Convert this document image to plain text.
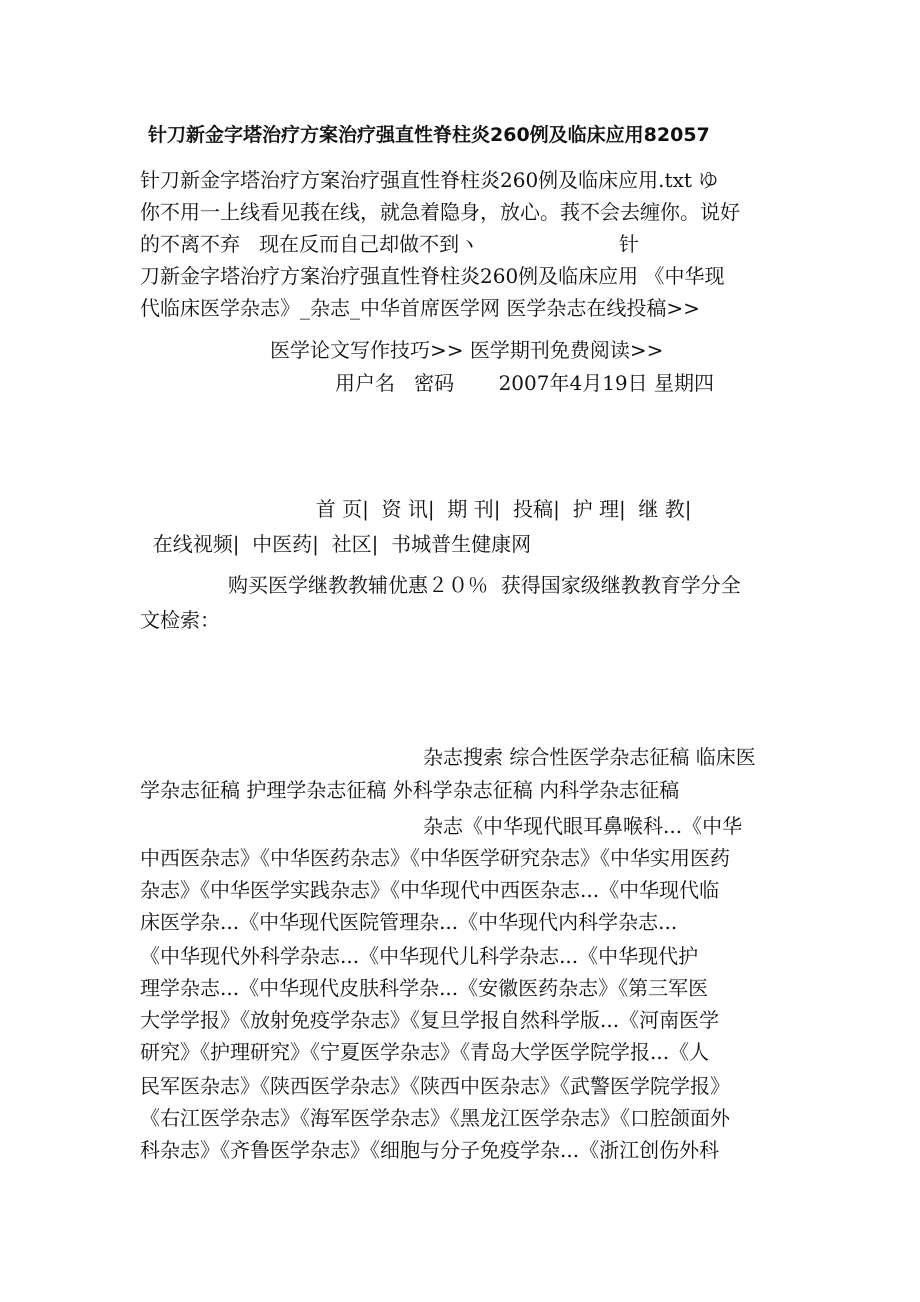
针刀新金字塔治疗方案治疗强直性脊柱炎260例及临床应用82057
针刀新金字塔治疗方案治疗强直性脊柱炎260例及临床应用.txt ゆ
你不用一上线看见莪在线，就急着隐身，放心。莪不会去缠你。说好
的不离不弃   现在反而自己却做不到ヽ                      针
刀新金字塔治疗方案治疗强直性脊柱炎260例及临床应用 《中华现
代临床医学杂志》_杂志_中华首席医学网 医学杂志在线投稿>>
医学论文写作技巧>> 医学期刊免费阅读>>
用户名   密码       2007年4月19日 星期四

首 页|  资 讯|  期 刊|  投稿|  护 理|  继 教|

在线视频|  中医药|  社区|  书城普生健康网

购买医学继教教辅优惠２０％  获得国家级继教教育学分全
文检索：
杂志搜索 综合性医学杂志征稿 临床医
学杂志征稿 护理学杂志征稿 外科学杂志征稿 内科学杂志征稿
杂志《中华现代眼耳鼻喉科...《中华
中西医杂志》《中华医药杂志》《中华医学研究杂志》《中华实用医药
杂志》《中华医学实践杂志》《中华现代中西医杂志...《中华现代临
床医学杂...《中华现代医院管理杂...《中华现代内科学杂志...
《中华现代外科学杂志...《中华现代儿科学杂志...《中华现代护
理学杂志...《中华现代皮肤科学杂...《安徽医药杂志》《第三军医
大学学报》《放射免疫学杂志》《复旦学报自然科学版...《河南医学
研究》《护理研究》《宁夏医学杂志》《青岛大学医学院学报...《人
民军医杂志》《陕西医学杂志》《陕西中医杂志》《武警医学院学报》
《右江医学杂志》《海军医学杂志》《黑龙江医学杂志》《口腔颌面外
科杂志》《齐鲁医学杂志》《细胞与分子免疫学杂...《浙江创伤外科
